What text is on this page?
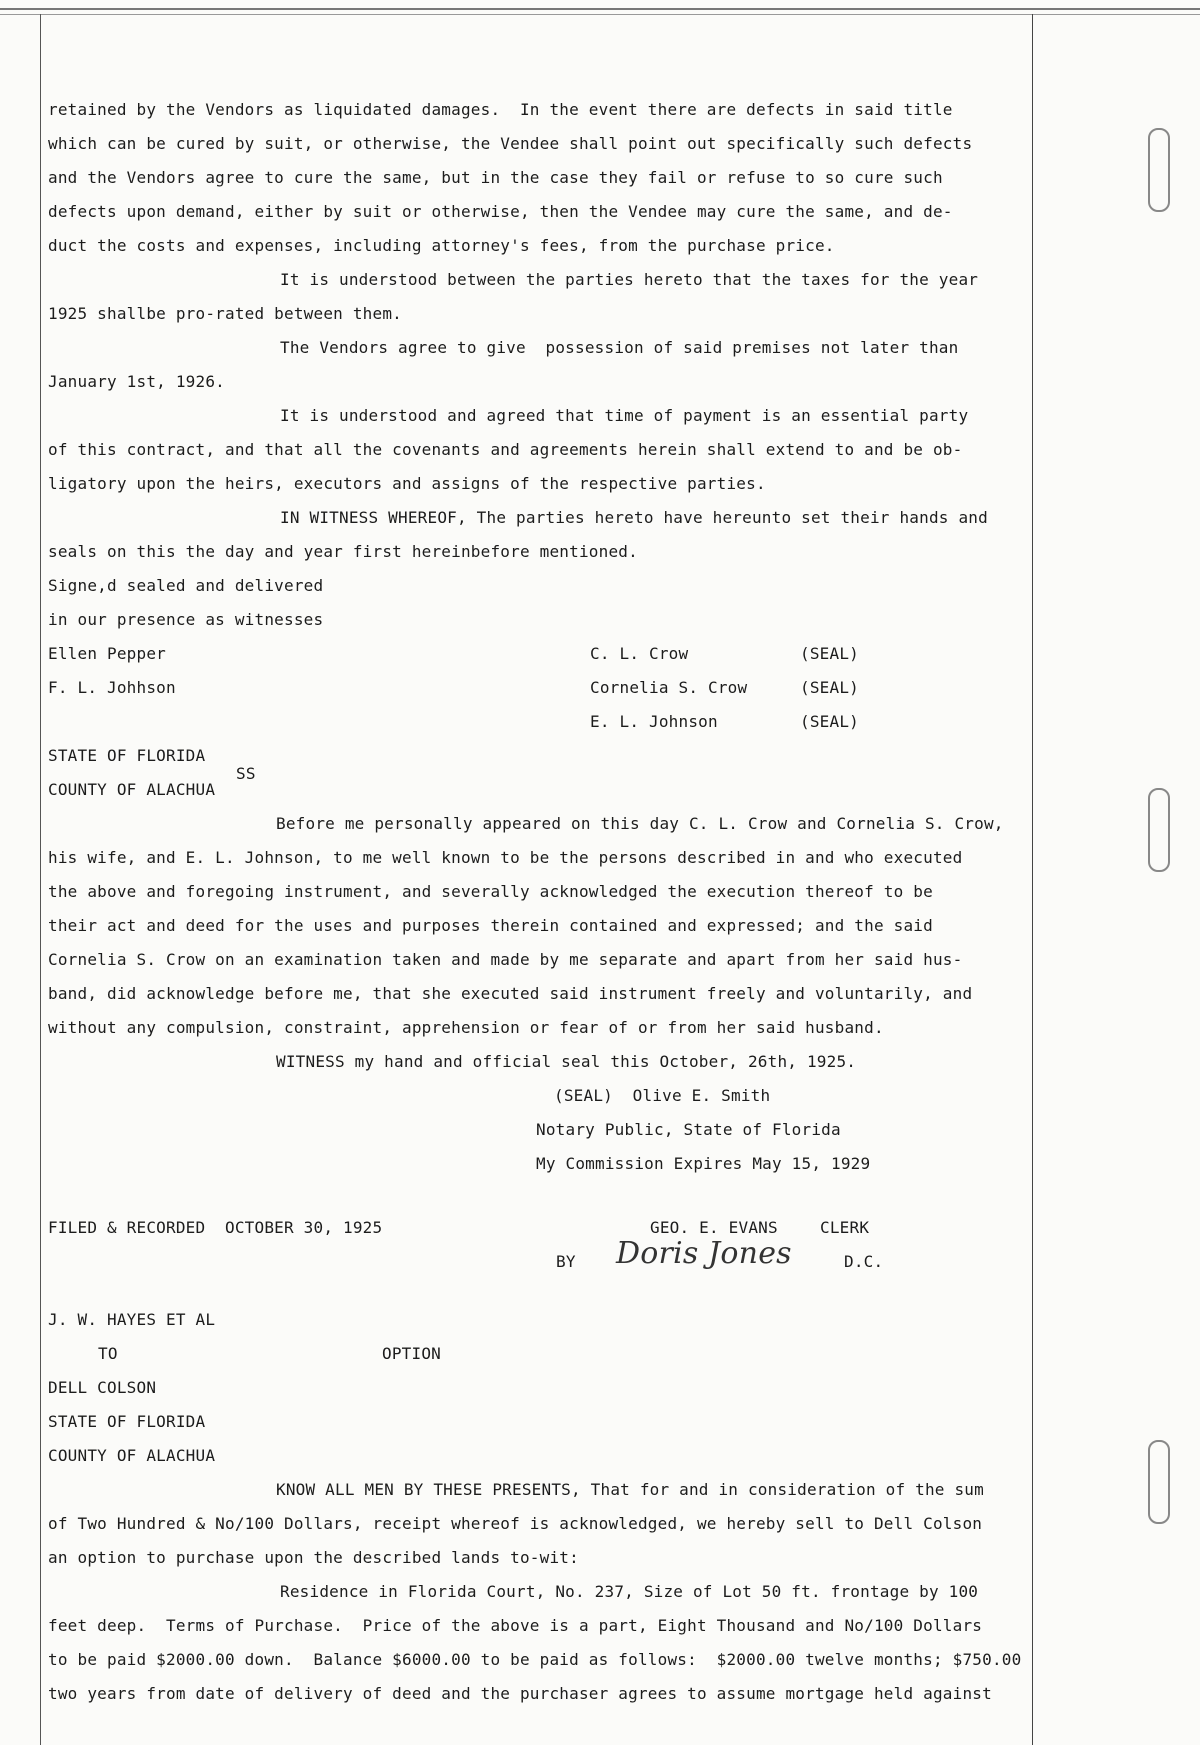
retained by the Vendors as liquidated damages.  In the event there are defects in said title
which can be cured by suit, or otherwise, the Vendee shall point out specifically such defects
and the Vendors agree to cure the same, but in the case they fail or refuse to so cure such
defects upon demand, either by suit or otherwise, then the Vendee may cure the same, and de-
duct the costs and expenses, including attorney's fees, from the purchase price.
It is understood between the parties hereto that the taxes for the year
1925 shallbe pro-rated between them.
The Vendors agree to give  possession of said premises not later than
January 1st, 1926.
It is understood and agreed that time of payment is an essential party
of this contract, and that all the covenants and agreements herein shall extend to and be ob-
ligatory upon the heirs, executors and assigns of the respective parties.
IN WITNESS WHEREOF, The parties hereto have hereunto set their hands and
seals on this the day and year first hereinbefore mentioned.
Signe,d sealed and delivered
in our presence as witnesses
Ellen Pepper
F. L. Johhson
C. L. Crow	(SEAL)
Cornelia S. Crow	(SEAL)
E. L. Johnson	(SEAL)
STATE OF FLORIDA
SS
COUNTY OF ALACHUA
Before me personally appeared on this day C. L. Crow and Cornelia S. Crow,
his wife, and E. L. Johnson, to me well known to be the persons described in and who executed
the above and foregoing instrument, and severally acknowledged the execution thereof to be
their act and deed for the uses and purposes therein contained and expressed; and the said
Cornelia S. Crow on an examination taken and made by me separate and apart from her said hus-
band, did acknowledge before me, that she executed said instrument freely and voluntarily, and
without any compulsion, constraint, apprehension or fear of or from her said husband.
WITNESS my hand and official seal this October, 26th, 1925.
(SEAL)  Olive E. Smith
Notary Public, State of Florida
My Commission Expires May 15, 1929
FILED & RECORDED  OCTOBER 30, 1925	GEO. E. EVANS	CLERK
BY Doris Jones	D.C.
J. W. HAYES ET AL
TO	OPTION
DELL COLSON
STATE OF FLORIDA
COUNTY OF ALACHUA
KNOW ALL MEN BY THESE PRESENTS, That for and in consideration of the sum
of Two Hundred & No/100 Dollars, receipt whereof is acknowledged, we hereby sell to Dell Colson
an option to purchase upon the described lands to-wit:
Residence in Florida Court, No. 237, Size of Lot 50 ft. frontage by 100
feet deep.  Terms of Purchase.  Price of the above is a part, Eight Thousand and No/100 Dollars
to be paid $2000.00 down.  Balance $6000.00 to be paid as follows:  $2000.00 twelve months; $750.00
two years from date of delivery of deed and the purchaser agrees to assume mortgage held against
